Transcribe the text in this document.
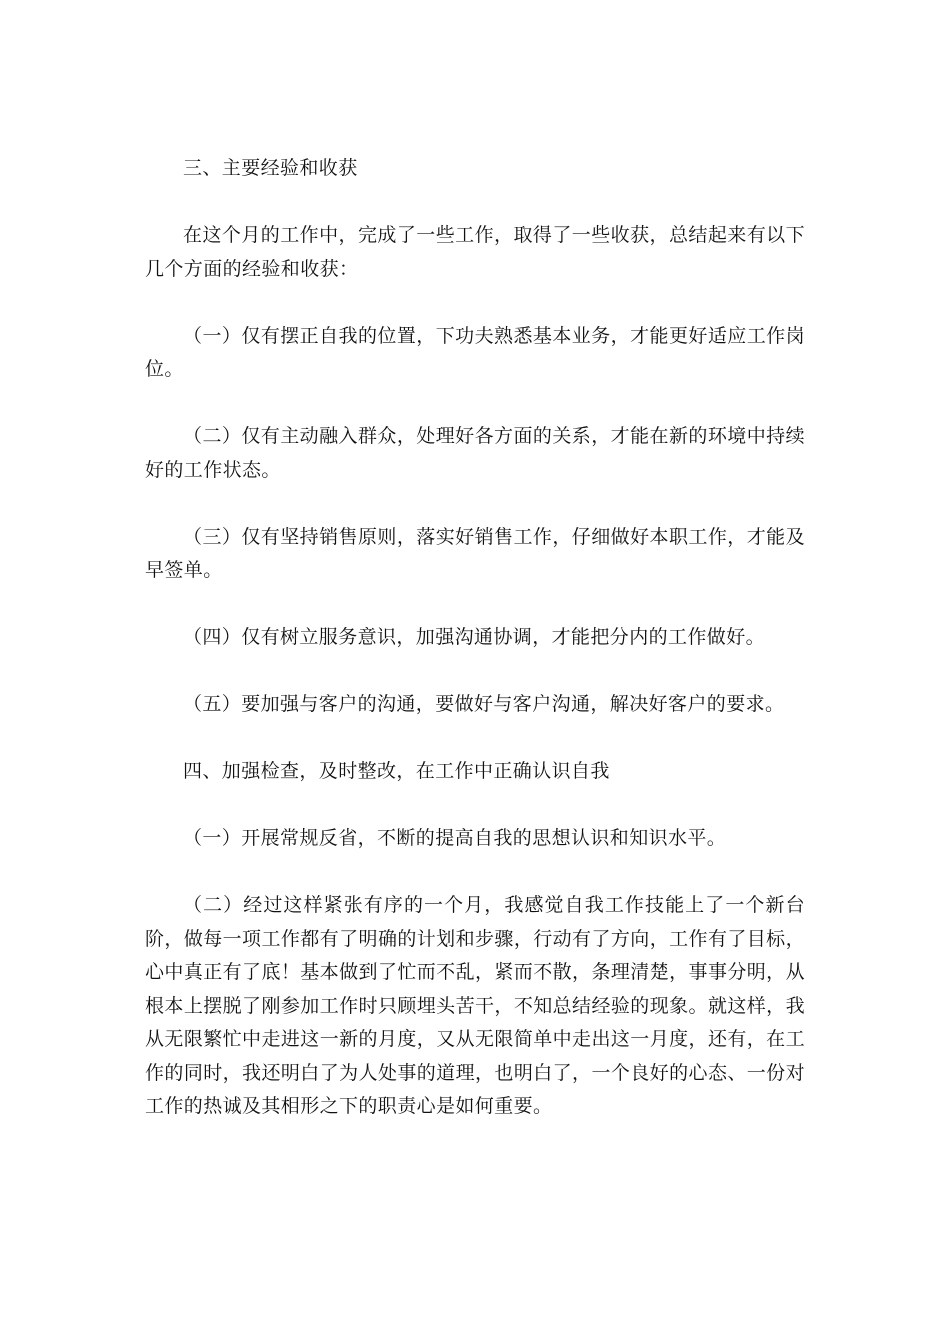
三、主要经验和收获

在这个月的工作中，完成了一些工作，取得了一些收获，总结起来有以下几个方面的经验和收获：

（一）仅有摆正自我的位置，下功夫熟悉基本业务，才能更好适应工作岗位。

（二）仅有主动融入群众，处理好各方面的关系，才能在新的环境中持续好的工作状态。

（三）仅有坚持销售原则，落实好销售工作，仔细做好本职工作，才能及早签单。

（四）仅有树立服务意识，加强沟通协调，才能把分内的工作做好。

（五）要加强与客户的沟通，要做好与客户沟通，解决好客户的要求。

四、加强检查，及时整改，在工作中正确认识自我

（一）开展常规反省，不断的提高自我的思想认识和知识水平。

（二）经过这样紧张有序的一个月，我感觉自我工作技能上了一个新台阶，做每一项工作都有了明确的计划和步骤，行动有了方向，工作有了目标，心中真正有了底！基本做到了忙而不乱，紧而不散，条理清楚，事事分明，从根本上摆脱了刚参加工作时只顾埋头苦干，不知总结经验的现象。就这样，我从无限繁忙中走进这一新的月度，又从无限简单中走出这一月度，还有，在工作的同时，我还明白了为人处事的道理，也明白了，一个良好的心态、一份对工作的热诚及其相形之下的职责心是如何重要。
